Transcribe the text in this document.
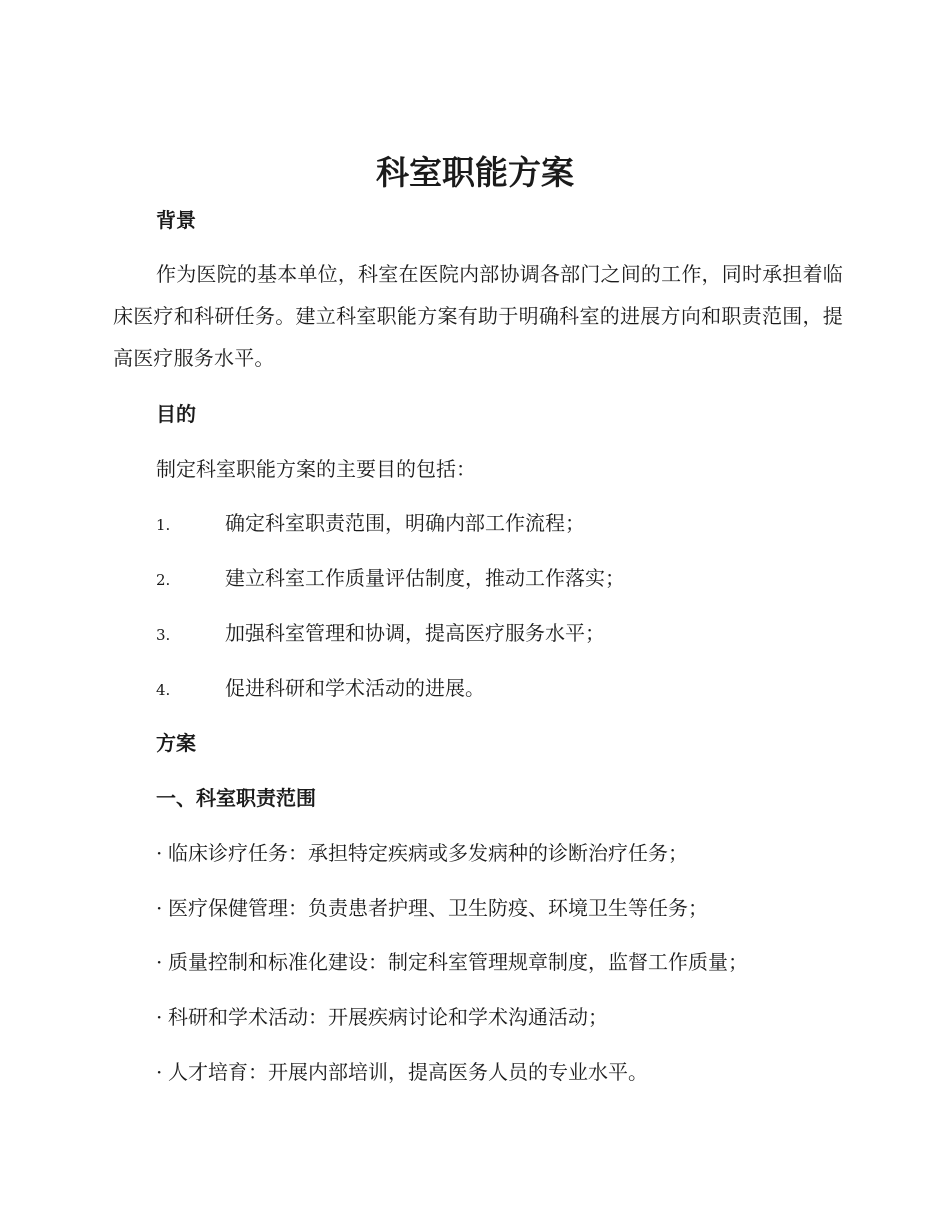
科室职能方案
背景
作为医院的基本单位，科室在医院内部协调各部门之间的工作，同时承担着临床医疗和科研任务。建立科室职能方案有助于明确科室的进展方向和职责范围，提高医疗服务水平。
目的
制定科室职能方案的主要目的包括：
1.	确定科室职责范围，明确内部工作流程；
2.	建立科室工作质量评估制度，推动工作落实；
3.	加强科室管理和协调，提高医疗服务水平；
4.	促进科研和学术活动的进展。
方案
一、科室职责范围
· 临床诊疗任务：承担特定疾病或多发病种的诊断治疗任务；
· 医疗保健管理：负责患者护理、卫生防疫、环境卫生等任务；
· 质量控制和标准化建设：制定科室管理规章制度，监督工作质量；
· 科研和学术活动：开展疾病讨论和学术沟通活动；
· 人才培育：开展内部培训，提高医务人员的专业水平。
